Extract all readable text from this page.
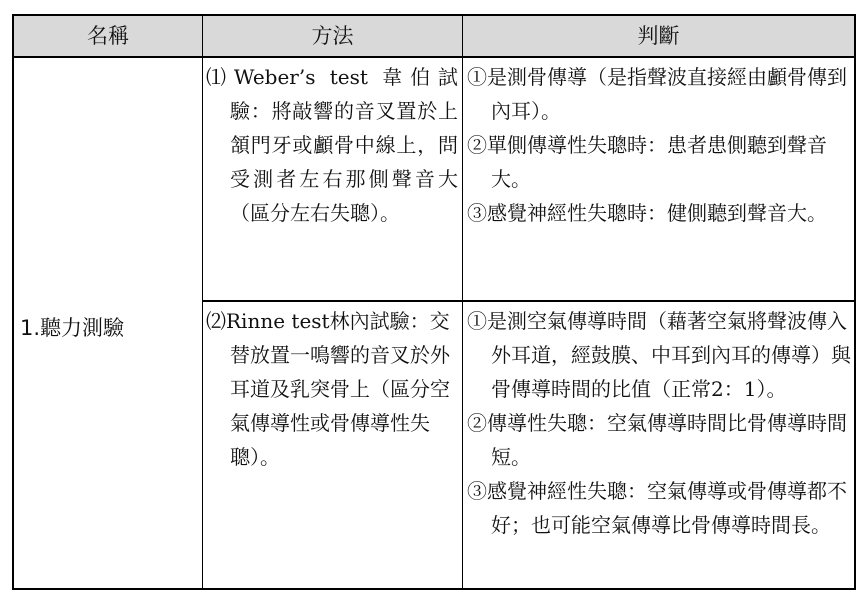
名稱	方法	判斷
1.聽力測驗
⑴Weber’s test 韋伯試驗：將敲響的音叉置於上頷門牙或顱骨中線上，問受測者左右那側聲音大（區分左右失聰）。
①是測骨傳導（是指聲波直接經由顱骨傳到內耳）。
②單側傳導性失聰時：患者患側聽到聲音大。
③感覺神經性失聰時：健側聽到聲音大。
⑵Rinne test林內試驗：交替放置一鳴響的音叉於外耳道及乳突骨上（區分空氣傳導性或骨傳導性失聰）。
①是測空氣傳導時間（藉著空氣將聲波傳入外耳道，經鼓膜、中耳到內耳的傳導）與骨傳導時間的比值（正常2：1）。
②傳導性失聰：空氣傳導時間比骨傳導時間短。
③感覺神經性失聰：空氣傳導或骨傳導都不好；也可能空氣傳導比骨傳導時間長。
